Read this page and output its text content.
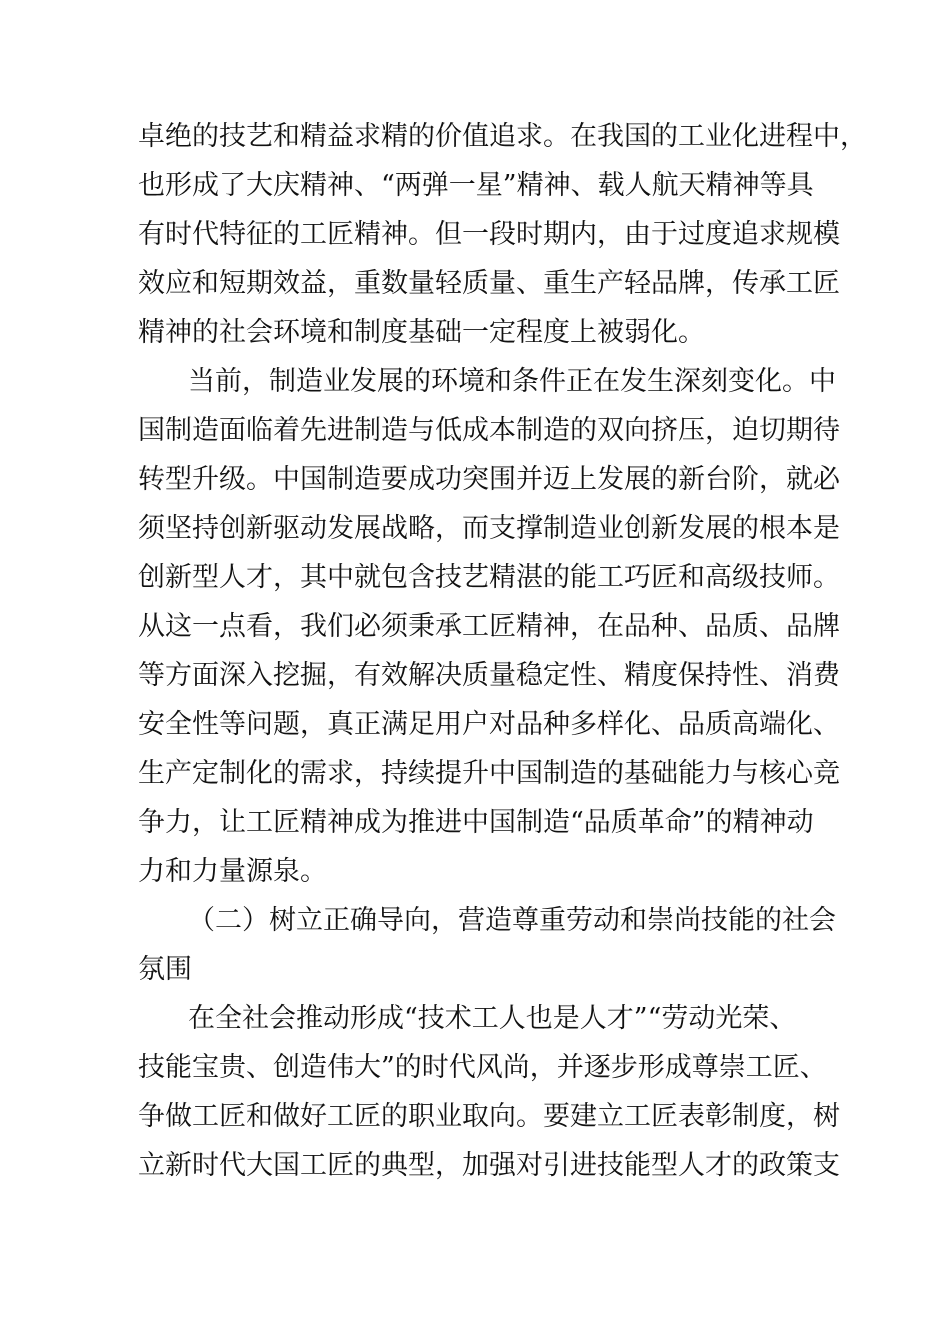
卓绝的技艺和精益求精的价值追求。在我国的工业化进程中，
也形成了大庆精神、“两弹一星”精神、载人航天精神等具
有时代特征的工匠精神。但一段时期内，由于过度追求规模
效应和短期效益，重数量轻质量、重生产轻品牌，传承工匠
精神的社会环境和制度基础一定程度上被弱化。
当前，制造业发展的环境和条件正在发生深刻变化。中
国制造面临着先进制造与低成本制造的双向挤压，迫切期待
转型升级。中国制造要成功突围并迈上发展的新台阶，就必
须坚持创新驱动发展战略，而支撑制造业创新发展的根本是
创新型人才，其中就包含技艺精湛的能工巧匠和高级技师。
从这一点看，我们必须秉承工匠精神，在品种、品质、品牌
等方面深入挖掘，有效解决质量稳定性、精度保持性、消费
安全性等问题，真正满足用户对品种多样化、品质高端化、
生产定制化的需求，持续提升中国制造的基础能力与核心竞
争力，让工匠精神成为推进中国制造“品质革命”的精神动
力和力量源泉。
（二）树立正确导向，营造尊重劳动和崇尚技能的社会
氛围
在全社会推动形成“技术工人也是人才”“劳动光荣、
技能宝贵、创造伟大”的时代风尚，并逐步形成尊崇工匠、
争做工匠和做好工匠的职业取向。要建立工匠表彰制度，树
立新时代大国工匠的典型，加强对引进技能型人才的政策支
